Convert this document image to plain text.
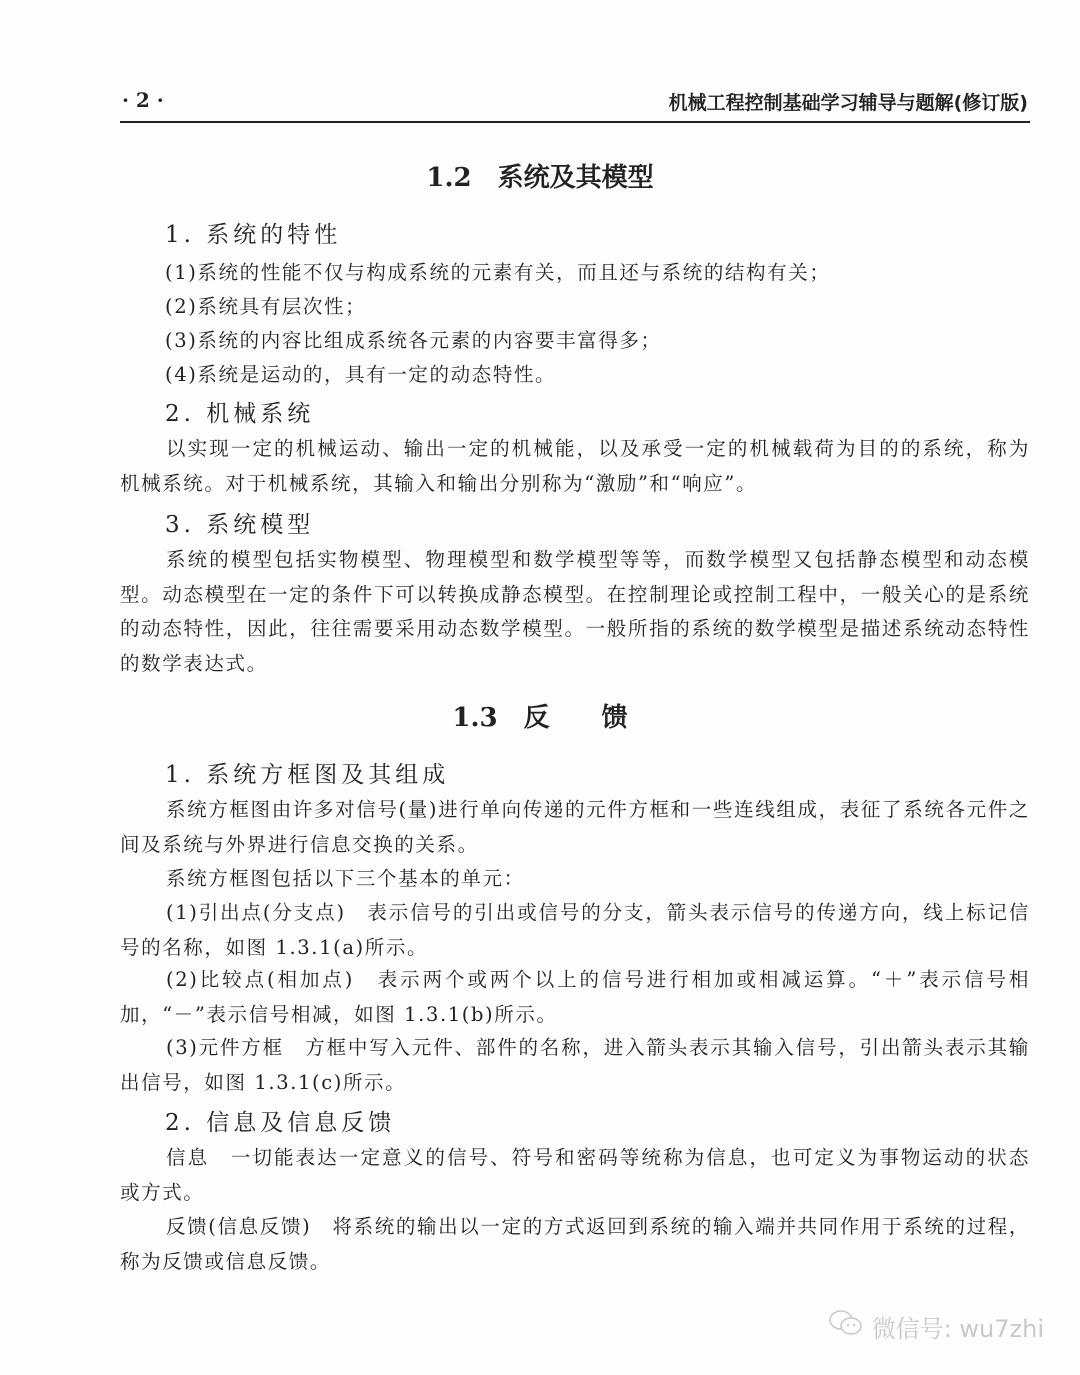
· 2 ·	机械工程控制基础学习辅导与题解(修订版)
1.2 系统及其模型
1. 系统的特性
(1)系统的性能不仅与构成系统的元素有关，而且还与系统的结构有关；
(2)系统具有层次性；
(3)系统的内容比组成系统各元素的内容要丰富得多；
(4)系统是运动的，具有一定的动态特性。
2. 机械系统
以实现一定的机械运动、输出一定的机械能，以及承受一定的机械载荷为目的的系统，称为机械系统。对于机械系统，其输入和输出分别称为“激励”和“响应”。
3. 系统模型
系统的模型包括实物模型、物理模型和数学模型等等，而数学模型又包括静态模型和动态模型。动态模型在一定的条件下可以转换成静态模型。在控制理论或控制工程中，一般关心的是系统的动态特性，因此，往往需要采用动态数学模型。一般所指的系统的数学模型是描述系统动态特性的数学表达式。
1.3 反　　馈
1. 系统方框图及其组成
系统方框图由许多对信号(量)进行单向传递的元件方框和一些连线组成，表征了系统各元件之间及系统与外界进行信息交换的关系。
系统方框图包括以下三个基本的单元：
(1)引出点(分支点)　表示信号的引出或信号的分支，箭头表示信号的传递方向，线上标记信号的名称，如图 1.3.1(a)所示。
(2)比较点(相加点)　表示两个或两个以上的信号进行相加或相减运算。“＋”表示信号相加，“－”表示信号相减，如图 1.3.1(b)所示。
(3)元件方框　方框中写入元件、部件的名称，进入箭头表示其输入信号，引出箭头表示其输出信号，如图 1.3.1(c)所示。
2. 信息及信息反馈
信息　一切能表达一定意义的信号、符号和密码等统称为信息，也可定义为事物运动的状态或方式。
反馈(信息反馈)　将系统的输出以一定的方式返回到系统的输入端并共同作用于系统的过程，称为反馈或信息反馈。
微信号: wu7zhi
